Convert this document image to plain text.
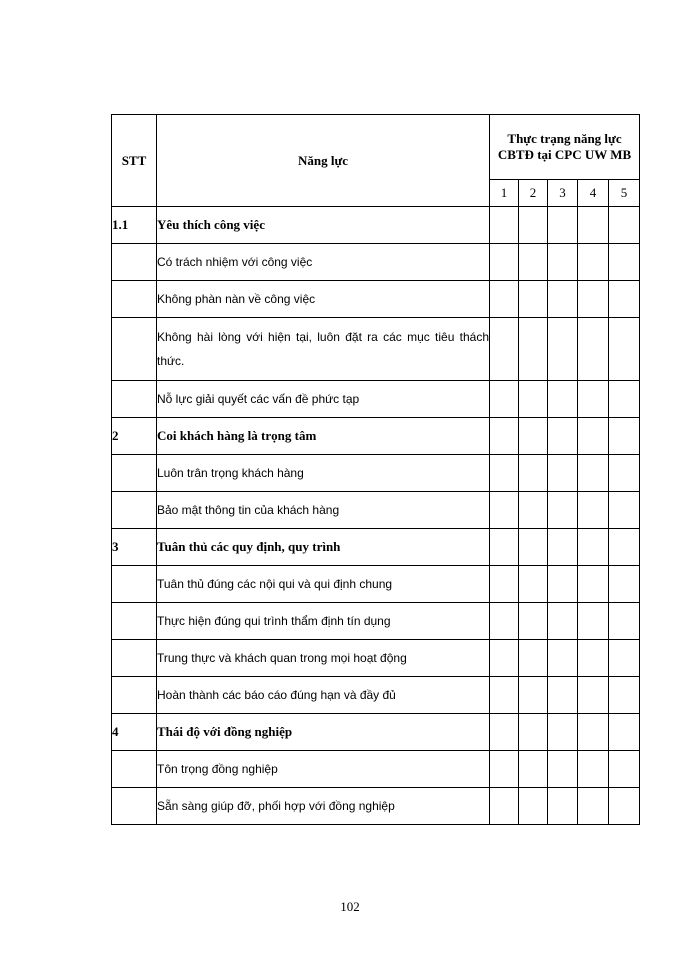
STT	Năng lực	Thực trạng năng lực CBTĐ tại CPC UW MB				
		1	2	3	4	5
1.1	Yêu thích công việc					
	Có trách nhiệm với công việc					
	Không phàn nàn về công việc					
	Không hài lòng với hiện tại, luôn đặt ra các mục tiêu thách thức.					
	Nỗ lực giải quyết các vấn đề phức tạp					
2	Coi khách hàng là trọng tâm					
	Luôn trân trọng khách hàng					
	Bảo mật thông tin của khách hàng					
3	Tuân thủ các quy định, quy trình					
	Tuân thủ đúng các nội qui và qui định chung					
	Thực hiện đúng qui trình thẩm định tín dụng					
	Trung thực và khách quan trong mọi hoạt động					
	Hoàn thành các báo cáo đúng hạn và đầy đủ					
4	Thái độ với đồng nghiệp					
	Tôn trọng đồng nghiệp					
	Sẵn sàng giúp đỡ, phối hợp với đồng nghiệp					
102
